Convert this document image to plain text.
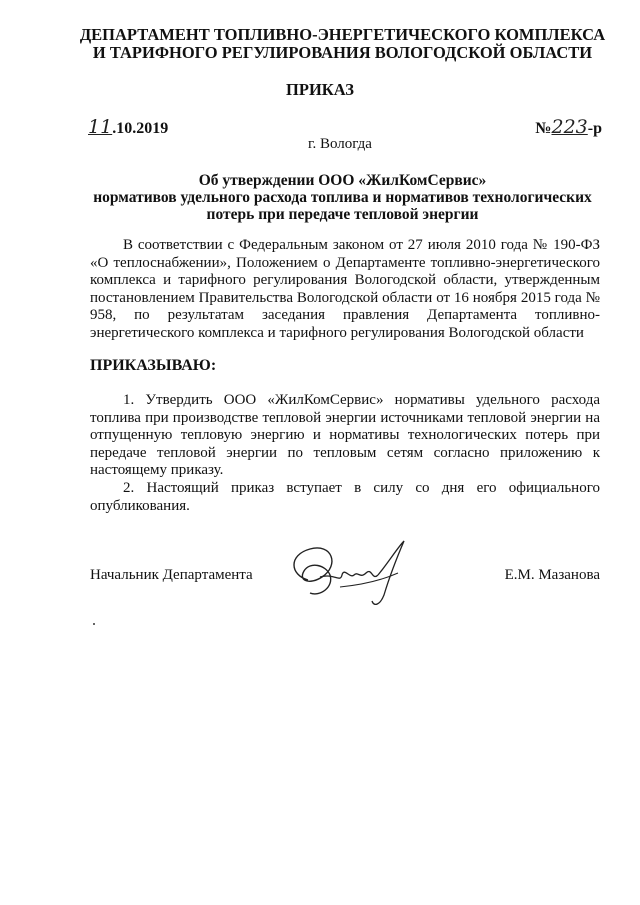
ДЕПАРТАМЕНТ ТОПЛИВНО-ЭНЕРГЕТИЧЕСКОГО КОМПЛЕКСА
И ТАРИФНОГО РЕГУЛИРОВАНИЯ ВОЛОГОДСКОЙ ОБЛАСТИ
ПРИКАЗ
11.10.2019	№223-р
г. Вологда
Об утверждении ООО «ЖилКомСервис»
нормативов удельного расхода топлива и нормативов технологических
потерь при передаче тепловой энергии

В соответствии с Федеральным законом от 27 июля 2010 года № 190-ФЗ «О теплоснабжении», Положением о Департаменте топливно-энергетического комплекса и тарифного регулирования Вологодской области, утвержденным постановлением Правительства Вологодской области от 16 ноября 2015 года № 958, по результатам заседания правления Департамента топливно-энергетического комплекса и тарифного регулирования Вологодской области

ПРИКАЗЫВАЮ:

1. Утвердить ООО «ЖилКомСервис» нормативы удельного расхода топлива при производстве тепловой энергии источниками тепловой энергии на отпущенную тепловую энергию и нормативы технологических потерь при передаче тепловой энергии по тепловым сетям согласно приложению к настоящему приказу.

2. Настоящий приказ вступает в силу со дня его официального опубликования.

Начальник Департамента	Е.М. Мазанова
